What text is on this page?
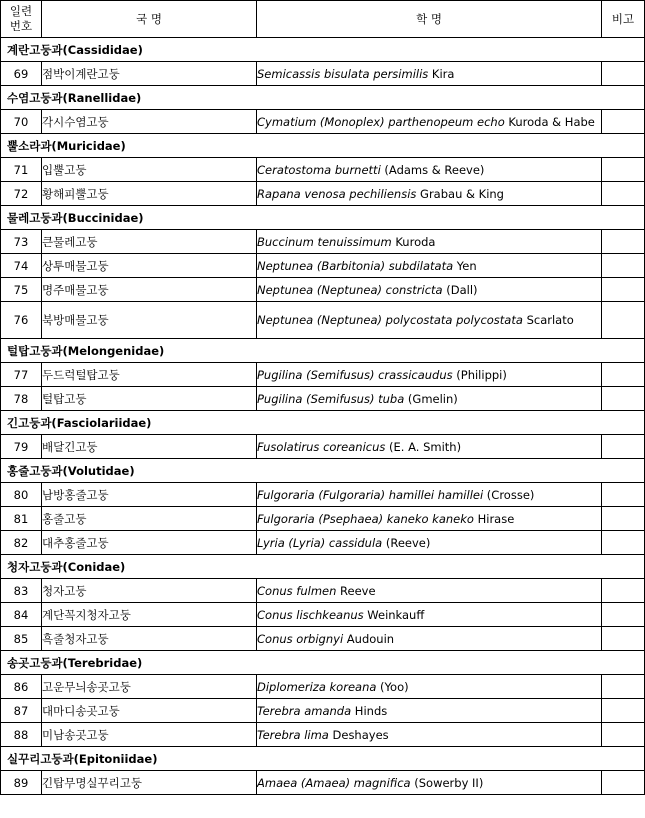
일련
번호	국 명	학 명	비고
계란고둥과(Cassididae)			
69	점박이계란고둥	Semicassis bisulata persimilis Kira	
수염고둥과(Ranellidae)			
70	각시수염고둥	Cymatium (Monoplex) parthenopeum echo Kuroda & Habe	
뿔소라과(Muricidae)			
71	입뿔고둥	Ceratostoma burnetti (Adams & Reeve)	
72	황해피뿔고둥	Rapana venosa pechiliensis Grabau & King	
물레고둥과(Buccinidae)			
73	큰물레고둥	Buccinum tenuissimum Kuroda	
74	상투매물고둥	Neptunea (Barbitonia) subdilatata Yen	
75	명주매물고둥	Neptunea (Neptunea) constricta (Dall)	
76	북방매물고둥	Neptunea (Neptunea) polycostata polycostata Scarlato	
털탑고둥과(Melongenidae)			
77	두드럭털탑고둥	Pugilina (Semifusus) crassicaudus (Philippi)	
78	털탑고둥	Pugilina (Semifusus) tuba (Gmelin)	
긴고둥과(Fasciolariidae)			
79	배달긴고둥	Fusolatirus coreanicus (E. A. Smith)	
홍줄고둥과(Volutidae)			
80	남방홍줄고둥	Fulgoraria (Fulgoraria) hamillei hamillei (Crosse)	
81	홍줄고둥	Fulgoraria (Psephaea) kaneko kaneko Hirase	
82	대추홍줄고둥	Lyria (Lyria) cassidula (Reeve)	
청자고둥과(Conidae)			
83	청자고둥	Conus fulmen Reeve	
84	계단꼭지청자고둥	Conus lischkeanus Weinkauff	
85	흑줄청자고둥	Conus orbignyi Audouin	
송곳고둥과(Terebridae)			
86	고운무늬송곳고둥	Diplomeriza koreana (Yoo)	
87	대마디송곳고둥	Terebra amanda Hinds	
88	미남송곳고둥	Terebra lima Deshayes	
실꾸리고둥과(Epitoniidae)			
89	긴탑무명실꾸리고둥	Amaea (Amaea) magnifica (Sowerby II)	
